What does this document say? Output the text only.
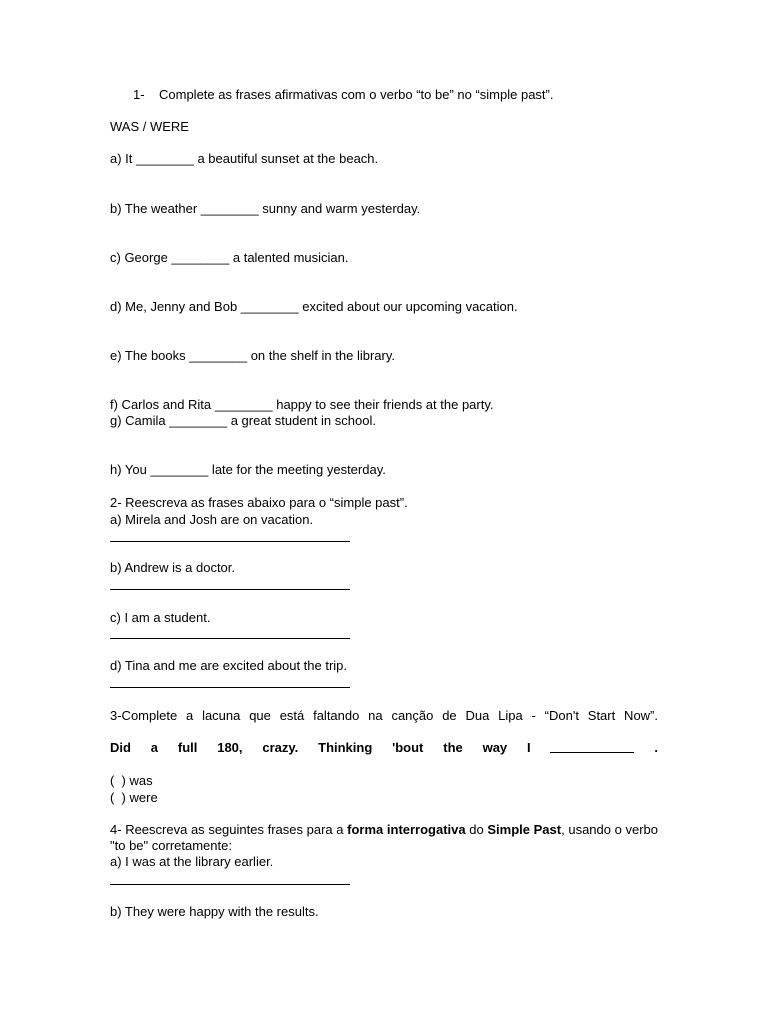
1-    Complete as frases afirmativas com o verbo “to be” no “simple past”.
WAS / WERE
a) It ________ a beautiful sunset at the beach.
b) The weather ________ sunny and warm yesterday.
c) George ________ a talented musician.
d) Me, Jenny and Bob ________ excited about our upcoming vacation.
e) The books ________ on the shelf in the library.
f) Carlos and Rita ________ happy to see their friends at the party.
g) Camila ________ a great student in school.
h) You ________ late for the meeting yesterday.
2- Reescreva as frases abaixo para o “simple past”.
a) Mirela and Josh are on vacation.
b) Andrew is a doctor.
c) I am a student.
d) Tina and me are excited about the trip.
3-Complete a lacuna que está faltando na canção de Dua Lipa - “Don't Start Now”.
Did a full 180, crazy. Thinking 'bout the way I	.
(  ) was
(  ) were
4- Reescreva as seguintes frases para a forma interrogativa do Simple Past, usando o verbo "to be" corretamente:
a) I was at the library earlier.
b) They were happy with the results.
